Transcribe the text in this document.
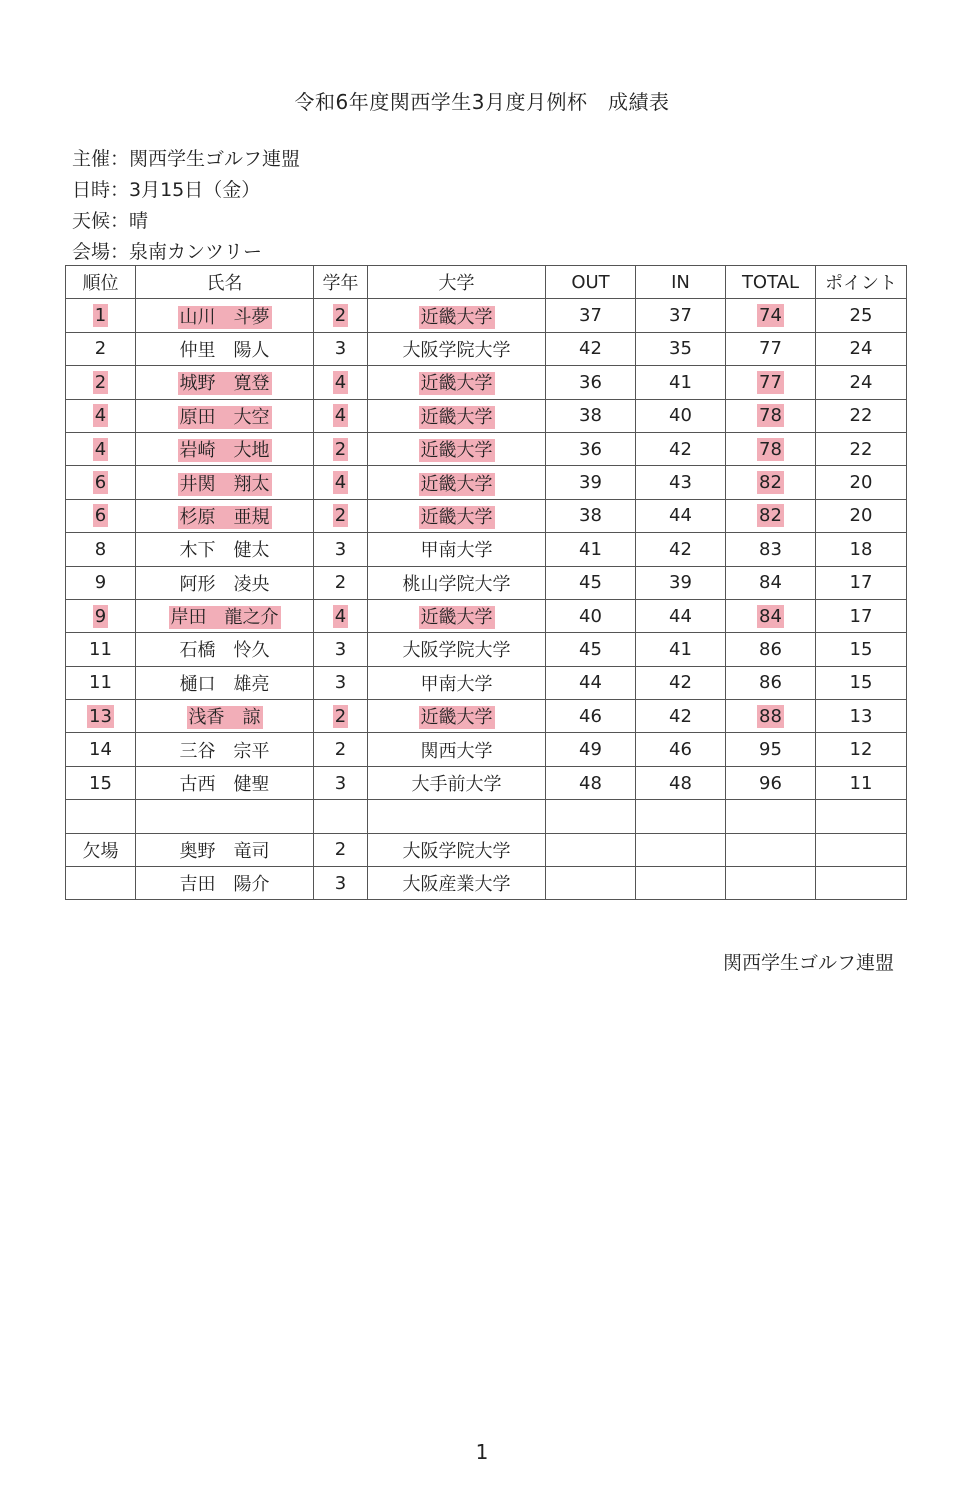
令和6年度関西学生3月度月例杯　成績表
主催：関西学生ゴルフ連盟
日時：3月15日（金）
天候：晴
会場：泉南カンツリー
順位	氏名	学年	大学	OUT	IN	TOTAL	ポイント
1	山川　斗夢	2	近畿大学	37	37	74	25
2	仲里　陽人	3	大阪学院大学	42	35	77	24
2	城野　寛登	4	近畿大学	36	41	77	24
4	原田　大空	4	近畿大学	38	40	78	22
4	岩崎　大地	2	近畿大学	36	42	78	22
6	井関　翔太	4	近畿大学	39	43	82	20
6	杉原　亜規	2	近畿大学	38	44	82	20
8	木下　健太	3	甲南大学	41	42	83	18
9	阿形　凌央	2	桃山学院大学	45	39	84	17
9	岸田　龍之介	4	近畿大学	40	44	84	17
11	石橋　怜久	3	大阪学院大学	45	41	86	15
11	樋口　雄亮	3	甲南大学	44	42	86	15
13	浅香　諒	2	近畿大学	46	42	88	13
14	三谷　宗平	2	関西大学	49	46	95	12
15	古西　健聖	3	大手前大学	48	48	96	11

欠場	奥野　竜司	2	大阪学院大学				
	吉田　陽介	3	大阪産業大学				
関西学生ゴルフ連盟
1
